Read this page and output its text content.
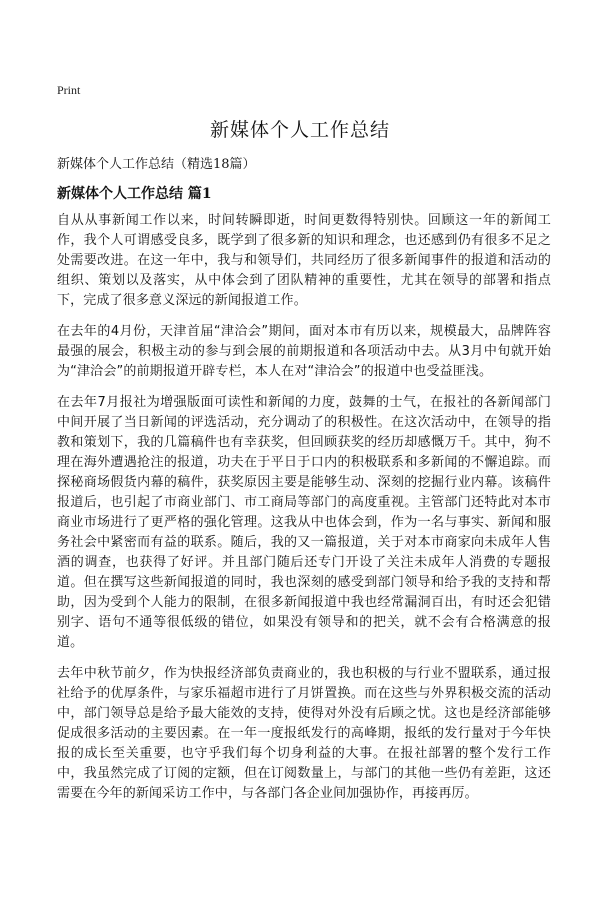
Print
新媒体个人工作总结

新媒体个人工作总结（精选18篇）

新媒体个人工作总结 篇1

自从从事新闻工作以来，时间转瞬即逝，时间更数得特别快。回顾这一年的新闻工作，我个人可谓感受良多，既学到了很多新的知识和理念，也还感到仍有很多不足之处需要改进。在这一年中，我与和领导们，共同经历了很多新闻事件的报道和活动的组织、策划以及落实，从中体会到了团队精神的重要性，尤其在领导的部署和指点下，完成了很多意义深远的新闻报道工作。

在去年的4月份，天津首届“津洽会”期间，面对本市有历以来，规模最大，品牌阵容最强的展会，积极主动的参与到会展的前期报道和各项活动中去。从3月中旬就开始为“津洽会”的前期报道开辟专栏，本人在对“津洽会”的报道中也受益匪浅。

在去年7月报社为增强版面可读性和新闻的力度，鼓舞的士气，在报社的各新闻部门中间开展了当日新闻的评选活动，充分调动了的积极性。在这次活动中，在领导的指教和策划下，我的几篇稿件也有幸获奖，但回顾获奖的经历却感慨万千。其中，狗不理在海外遭遇抢注的报道，功夫在于平日于口内的积极联系和多新闻的不懈追踪。而探秘商场假货内幕的稿件，获奖原因主要是能够生动、深刻的挖掘行业内幕。该稿件报道后，也引起了市商业部门、市工商局等部门的高度重视。主管部门还特此对本市商业市场进行了更严格的强化管理。这我从中也体会到，作为一名与事实、新闻和服务社会中紧密而有益的联系。随后，我的又一篇报道，关于对本市商家向未成年人售酒的调查，也获得了好评。并且部门随后还专门开设了关注未成年人消费的专题报道。但在撰写这些新闻报道的同时，我也深刻的感受到部门领导和给予我的支持和帮助，因为受到个人能力的限制，在很多新闻报道中我也经常漏洞百出，有时还会犯错别字、语句不通等很低级的错位，如果没有领导和的把关，就不会有合格满意的报道。

去年中秋节前夕，作为快报经济部负责商业的，我也积极的与行业不盟联系，通过报社给予的优厚条件，与家乐福超市进行了月饼置换。而在这些与外界积极交流的活动中，部门领导总是给予最大能效的支持，使得对外没有后顾之忧。这也是经济部能够促成很多活动的主要因素。在一年一度报纸发行的高峰期，报纸的发行量对于今年快报的成长至关重要，也守乎我们每个切身利益的大事。在报社部署的整个发行工作中，我虽然完成了订阅的定额，但在订阅数量上，与部门的其他一些仍有差距，这还需要在今年的新闻采访工作中，与各部门各企业间加强协作，再接再厉。
